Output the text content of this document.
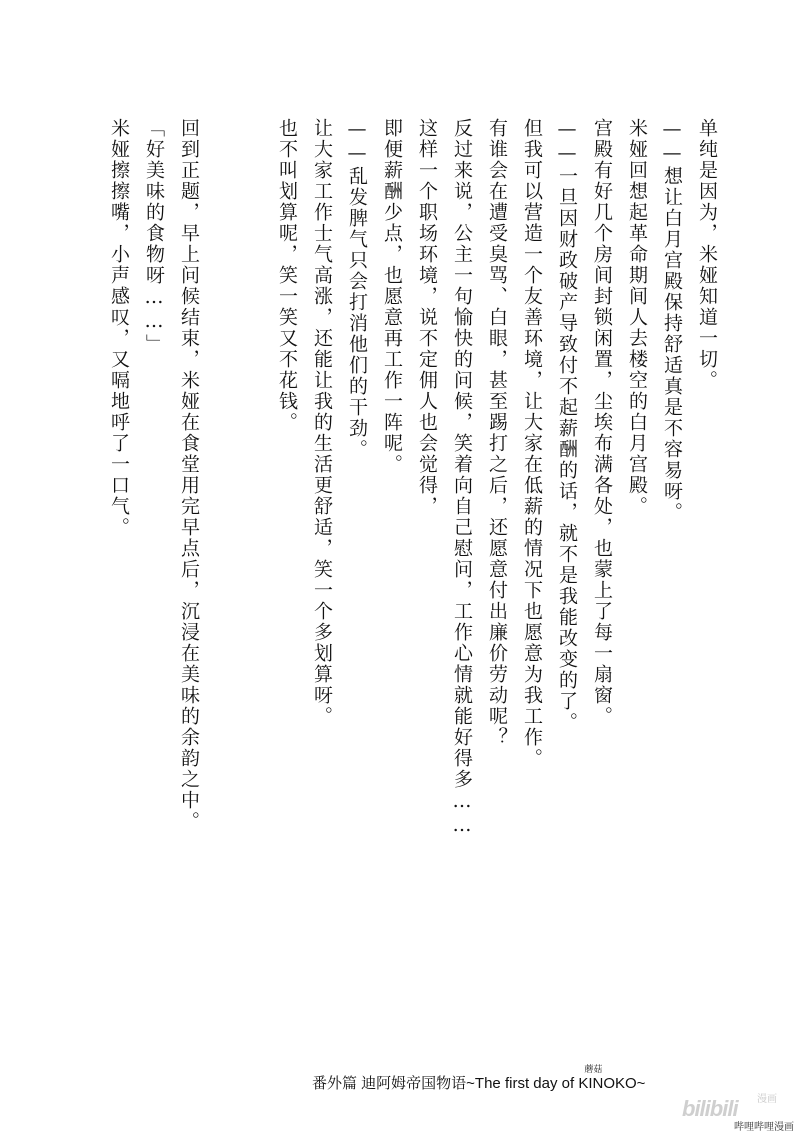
单纯是因为，米娅知道一切。
——想让白月宫殿保持舒适真是不容易呀。
米娅回想起革命期间人去楼空的白月宫殿。
宫殿有好几个房间封锁闲置，尘埃布满各处，也蒙上了每一扇窗。
——一旦因财政破产导致付不起薪酬的话，就不是我能改变的了。
但我可以营造一个友善环境，让大家在低薪的情况下也愿意为我工作。
有谁会在遭受臭骂、白眼，甚至踢打之后，还愿意付出廉价劳动呢？
反过来说，公主一句愉快的问候，笑着向自己慰问，工作心情就能好得多……
这样一个职场环境，说不定佣人也会觉得，
即便薪酬少点，也愿意再工作一阵呢。
——乱发脾气只会打消他们的干劲。
让大家工作士气高涨，还能让我的生活更舒适，笑一个多划算呀。
也不叫划算呢，笑一笑又不花钱。
回到正题，早上问候结束，米娅在食堂用完早点后，沉浸在美味的余韵之中。
「好美味的食物呀……」
米娅擦擦嘴，小声感叹，又嗝地呼了一口气。
番外篇 迪阿姆帝国物语~The first day of
蘑菇
KINOKO~
bilibili 漫画
哔哩哔哩漫画
